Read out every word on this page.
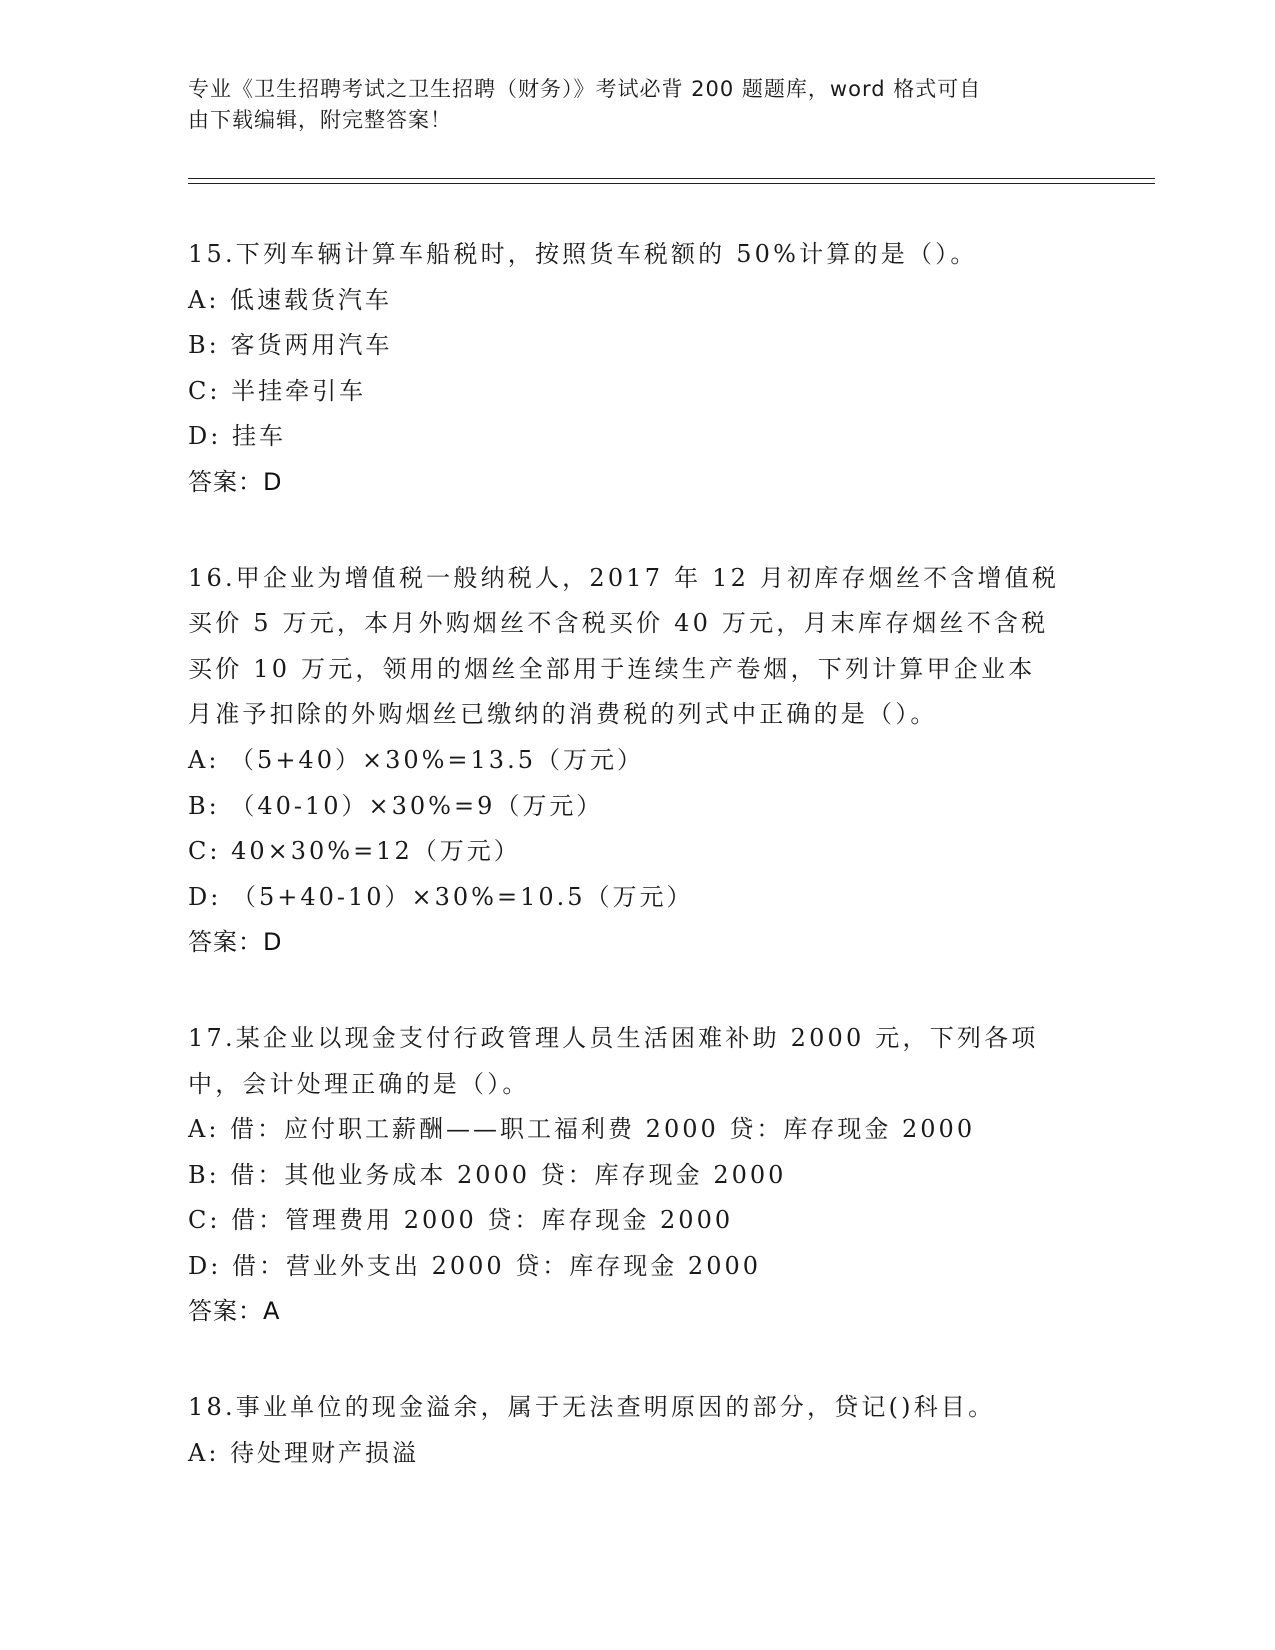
专业《卫生招聘考试之卫生招聘（财务）》考试必背 200 题题库，word 格式可自
由下载编辑，附完整答案！
15.下列车辆计算车船税时，按照货车税额的 50%计算的是（）。
A: 低速载货汽车
B: 客货两用汽车
C: 半挂牵引车
D: 挂车
答案：D
16.甲企业为增值税一般纳税人，2017 年 12 月初库存烟丝不含增值税
买价 5 万元，本月外购烟丝不含税买价 40 万元，月末库存烟丝不含税
买价 10 万元，领用的烟丝全部用于连续生产卷烟，下列计算甲企业本
月准予扣除的外购烟丝已缴纳的消费税的列式中正确的是（）。
A: （5+40）×30%=13.5（万元）
B: （40-10）×30%=9（万元）
C: 40×30%=12（万元）
D: （5+40-10）×30%=10.5（万元）
答案：D
17.某企业以现金支付行政管理人员生活困难补助 2000 元，下列各项
中，会计处理正确的是（）。
A: 借：应付职工薪酬——职工福利费 2000 贷：库存现金 2000
B: 借：其他业务成本 2000 贷：库存现金 2000
C: 借：管理费用 2000 贷：库存现金 2000
D: 借：营业外支出 2000 贷：库存现金 2000
答案：A
18.事业单位的现金溢余，属于无法查明原因的部分，贷记()科目。
A: 待处理财产损溢
